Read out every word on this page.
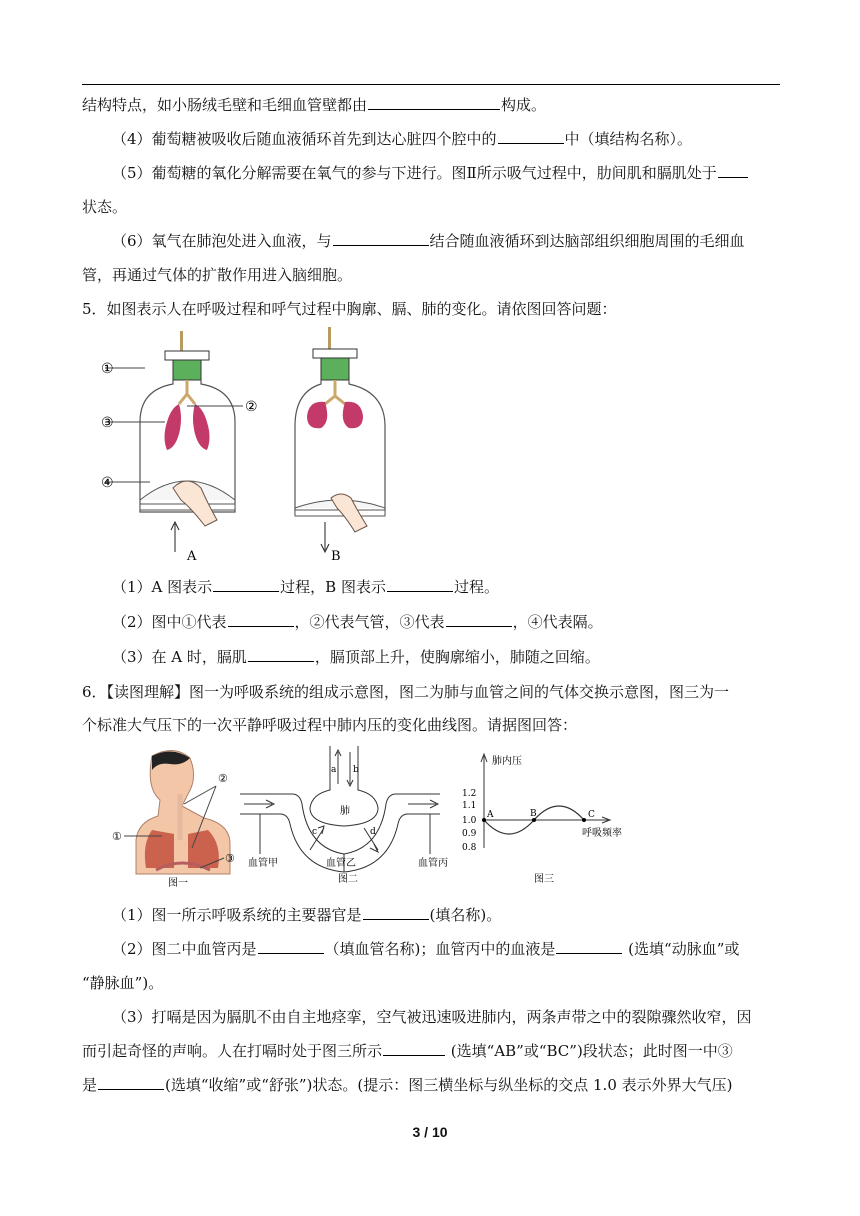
结构特点，如小肠绒毛壁和毛细血管壁都由	构成。
（4）葡萄糖被吸收后随血液循环首先到达心脏四个腔中的	中（填结构名称）。
（5）葡萄糖的氧化分解需要在氧气的参与下进行。图Ⅱ所示吸气过程中，肋间肌和膈肌处于
状态。
（6）氧气在肺泡处进入血液，与	结合随血液循环到达脑部组织细胞周围的毛细血
管，再通过气体的扩散作用进入脑细胞。
5．如图表示人在呼吸过程和呼气过程中胸廓、膈、肺的变化。请依图回答问题：
①
②
③
④
A	B
（1）A 图表示	过程，B 图表示	过程。
（2）图中①代表	，②代表气管，③代表	，④代表隔。
（3）在 A 时，膈肌	，膈顶部上升，使胸廓缩小，肺随之回缩。
6．【读图理解】图一为呼吸系统的组成示意图，图二为肺与血管之间的气体交换示意图，图三为一
个标准大气压下的一次平静呼吸过程中肺内压的变化曲线图。请据图回答：
②
①
③
图一
肺
a b
c	d
血管甲	血管乙	血管丙
图二
肺内压
呼吸频率
1.2
1.1
1.0
0.9
0.8
A	B	C
图三
（1）图一所示呼吸系统的主要器官是	(填名称)。
（2）图二中血管丙是	（填血管名称)；血管丙中的血液是	(选填“动脉血”或
“静脉血”)。
（3）打嗝是因为膈肌不由自主地痉挛，空气被迅速吸进肺内，两条声带之中的裂隙骤然收窄，因
而引起奇怪的声响。人在打嗝时处于图三所示	(选填“AB”或“BC”)段状态；此时图一中③
是	(选填“收缩”或“舒张”)状态。(提示：图三横坐标与纵坐标的交点 1.0 表示外界大气压)
3 / 10
